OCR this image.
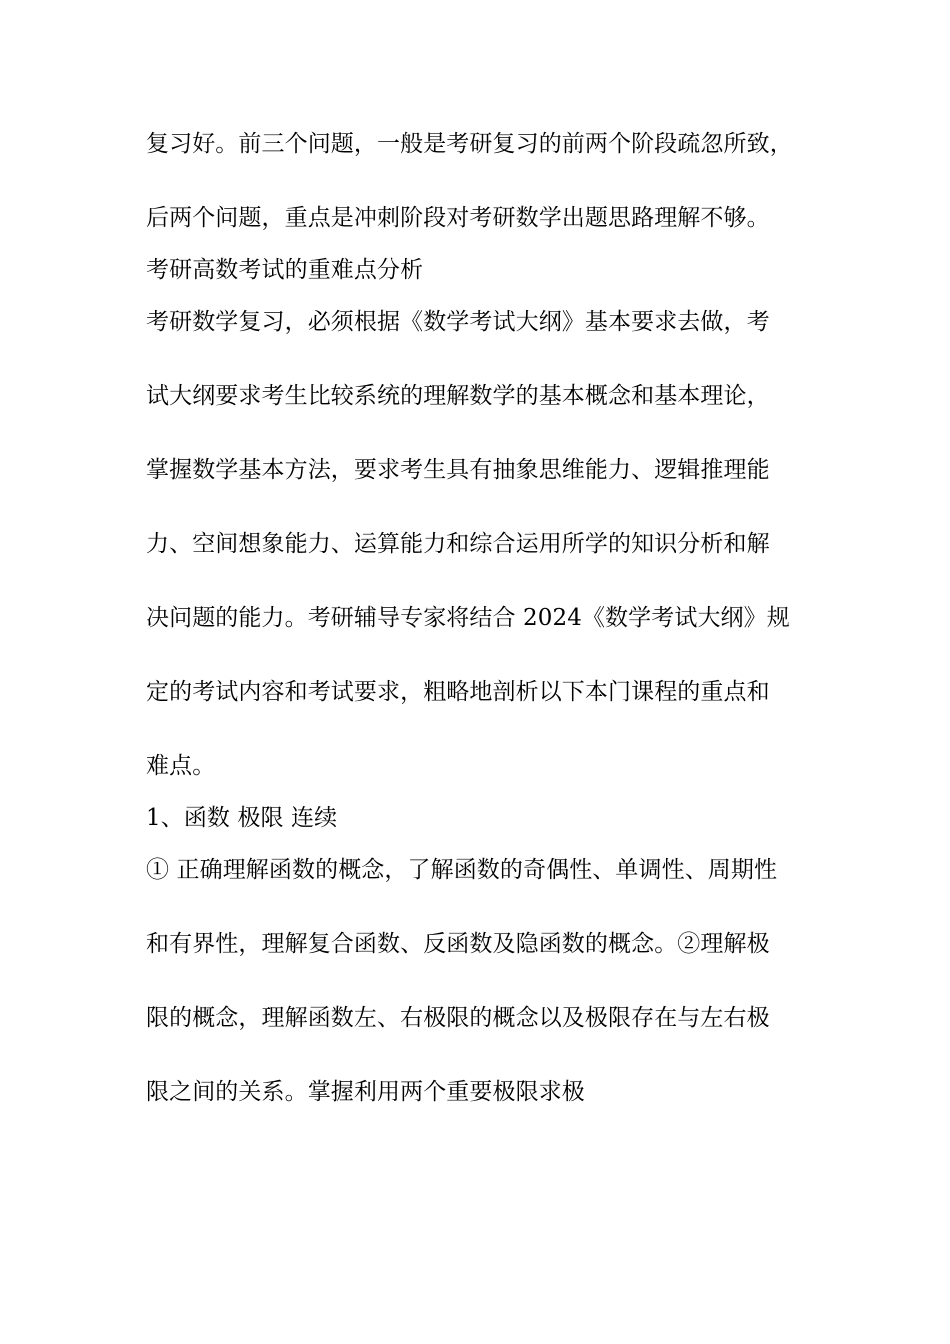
复习好。前三个问题，一般是考研复习的前两个阶段疏忽所致，
后两个问题，重点是冲刺阶段对考研数学出题思路理解不够。
考研高数考试的重难点分析
考研数学复习，必须根据《数学考试大纲》基本要求去做，考
试大纲要求考生比较系统的理解数学的基本概念和基本理论，
掌握数学基本方法，要求考生具有抽象思维能力、逻辑推理能
力、空间想象能力、运算能力和综合运用所学的知识分析和解
决问题的能力。考研辅导专家将结合 2024《数学考试大纲》规
定的考试内容和考试要求，粗略地剖析以下本门课程的重点和
难点。
1、函数 极限 连续
① 正确理解函数的概念，了解函数的奇偶性、单调性、周期性
和有界性，理解复合函数、反函数及隐函数的概念。②理解极
限的概念，理解函数左、右极限的概念以及极限存在与左右极
限之间的关系。掌握利用两个重要极限求极
